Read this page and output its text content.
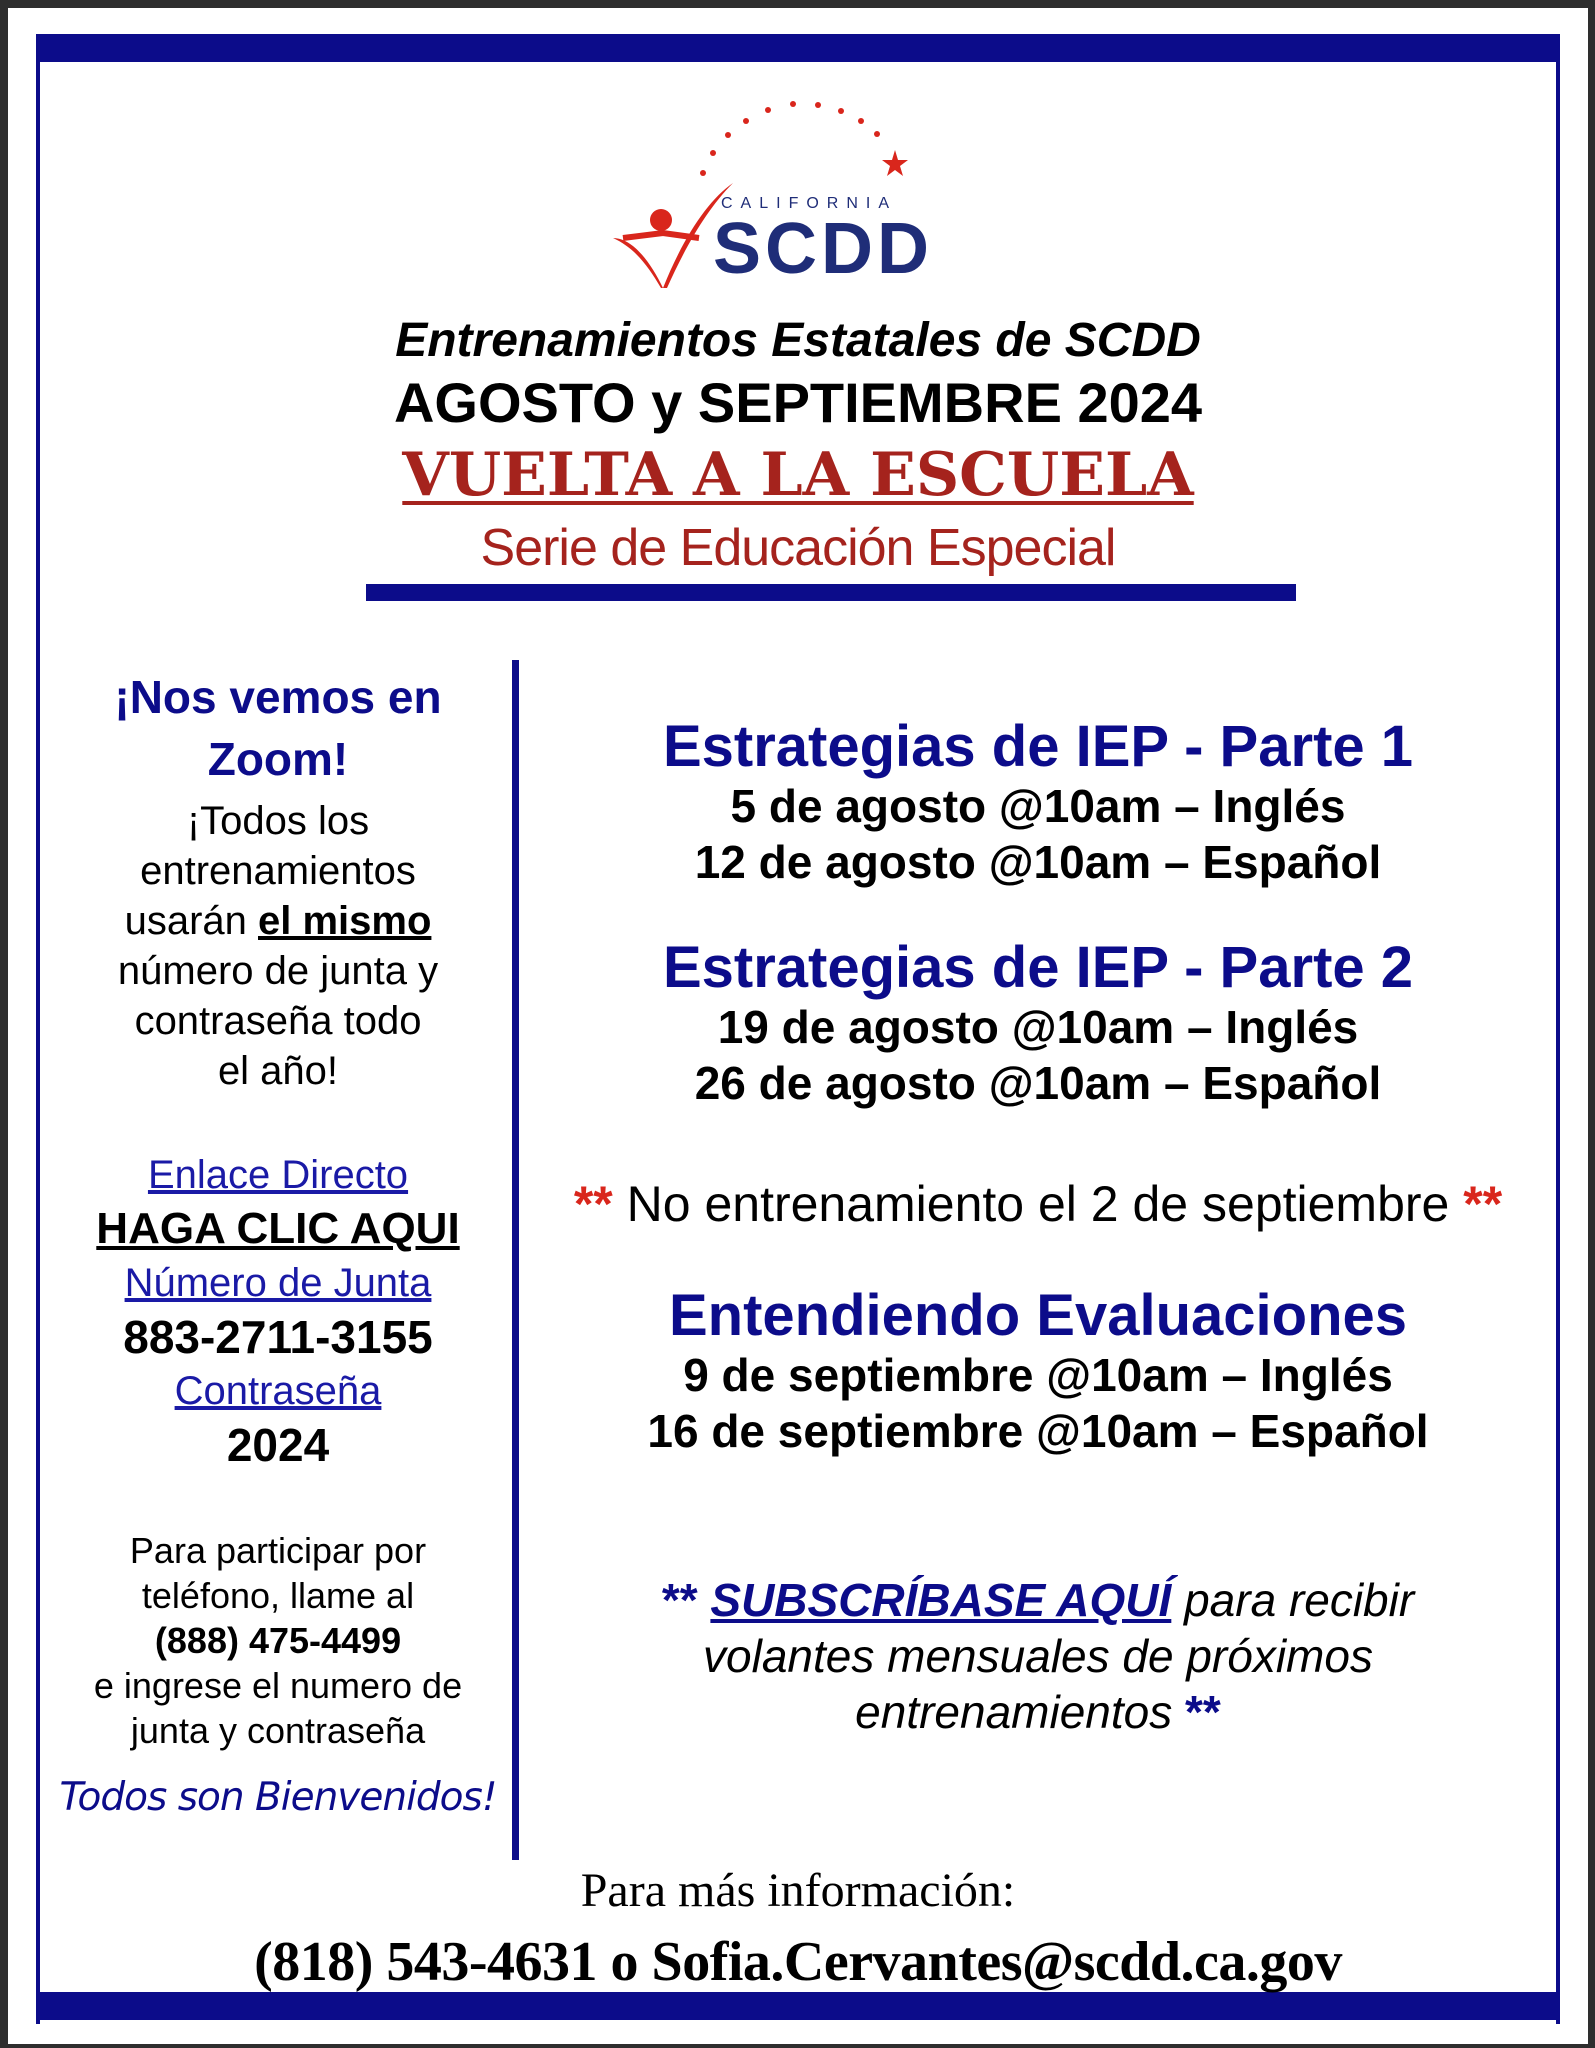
CALIFORNIA
SCDD
Entrenamientos Estatales de SCDD
AGOSTO y SEPTIEMBRE 2024
VUELTA A LA ESCUELA
Serie de Educación Especial
¡Nos vemos en
Zoom!
¡Todos los
entrenamientos
usarán el mismo
número de junta y
contraseña todo
el año!
Enlace Directo
HAGA CLIC AQUI
Número de Junta
883-2711-3155
Contraseña
2024
Para participar por
teléfono, llame al
(888) 475-4499
e ingrese el numero de
junta y contraseña
Todos son Bienvenidos!
Estrategias de IEP - Parte 1
5 de agosto @10am – Inglés
12 de agosto @10am – Español
Estrategias de IEP - Parte 2
19 de agosto @10am – Inglés
26 de agosto @10am – Español
** No entrenamiento el 2 de septiembre **
Entendiendo Evaluaciones
9 de septiembre @10am – Inglés
16 de septiembre @10am – Español
** SUBSCRÍBASE AQUÍ para recibir
volantes mensuales de próximos
entrenamientos **
Para más información:
(818) 543-4631 o Sofia.Cervantes@scdd.ca.gov
